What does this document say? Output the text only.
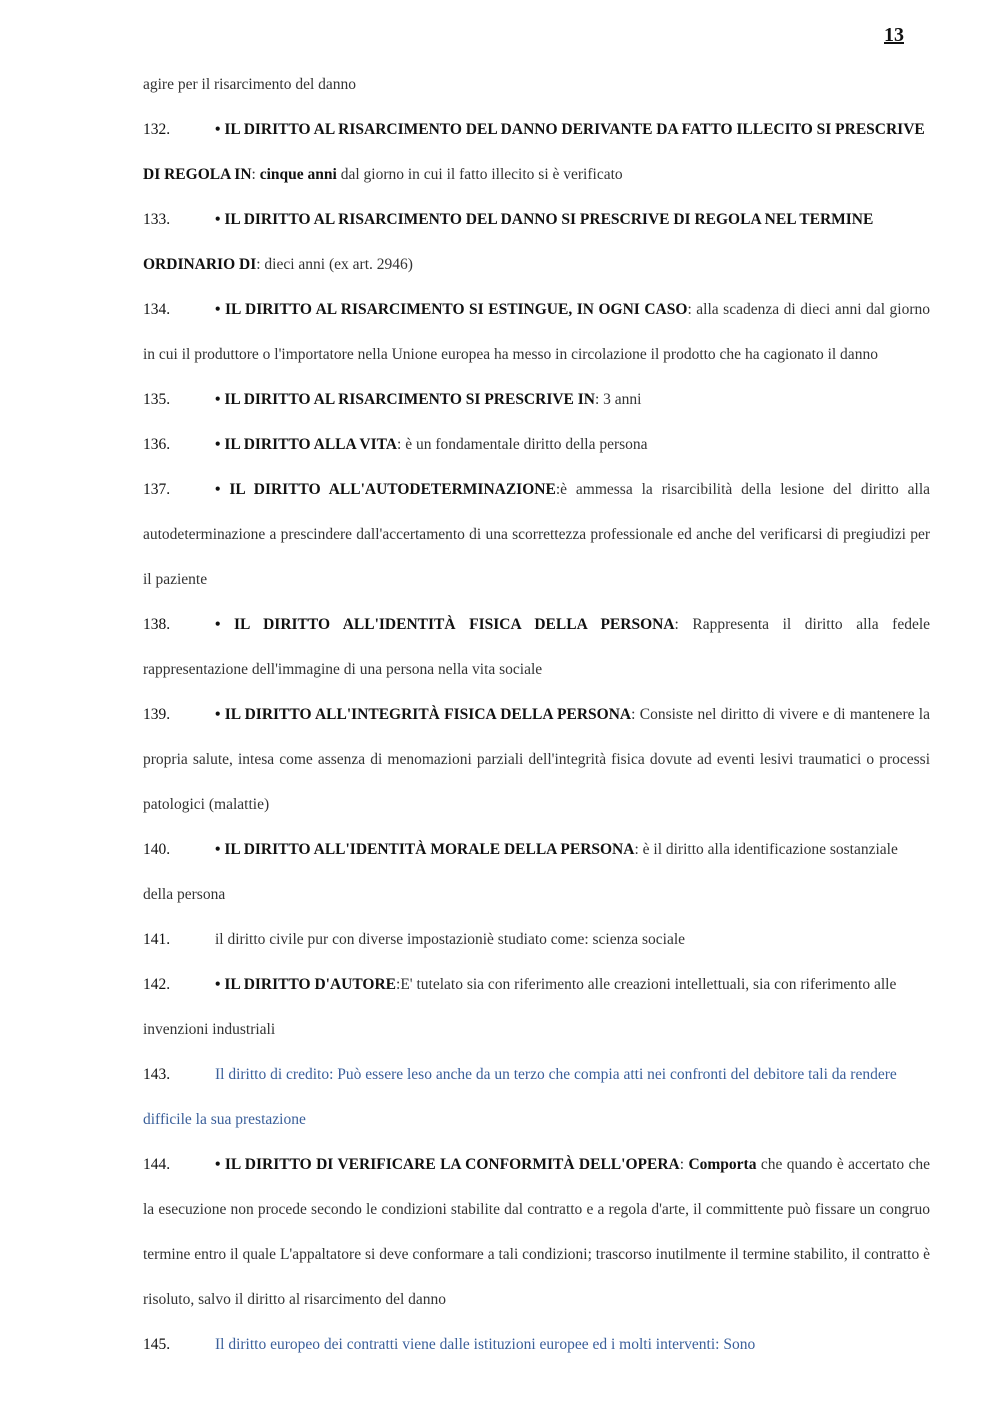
13
agire per il risarcimento del danno
132.	• IL DIRITTO AL RISARCIMENTO DEL DANNO DERIVANTE DA FATTO ILLECITO SI PRESCRIVE DI REGOLA IN: cinque anni dal giorno in cui il fatto illecito si è verificato
133.	• IL DIRITTO AL RISARCIMENTO DEL DANNO SI PRESCRIVE DI REGOLA NEL TERMINE ORDINARIO DI: dieci anni (ex art. 2946)
134.	• IL DIRITTO AL RISARCIMENTO SI ESTINGUE, IN OGNI CASO: alla scadenza di dieci anni dal giorno in cui il produttore o l'importatore nella Unione europea ha messo in circolazione il prodotto che ha cagionato il danno
135.	• IL DIRITTO AL RISARCIMENTO SI PRESCRIVE IN: 3 anni
136.	• IL DIRITTO ALLA VITA: è un fondamentale diritto della persona
137.	• IL DIRITTO ALL'AUTODETERMINAZIONE:è ammessa la risarcibilità della lesione del diritto alla autodeterminazione a prescindere dall'accertamento di una scorrettezza professionale ed anche del verificarsi di pregiudizi per il paziente
138.	• IL DIRITTO ALL'IDENTITÀ FISICA DELLA PERSONA: Rappresenta il diritto alla fedele rappresentazione dell'immagine di una persona nella vita sociale
139.	• IL DIRITTO ALL'INTEGRITÀ FISICA DELLA PERSONA: Consiste nel diritto di vivere e di mantenere la propria salute, intesa come assenza di menomazioni parziali dell'integrità fisica dovute ad eventi lesivi traumatici o processi patologici (malattie)
140.	• IL DIRITTO ALL'IDENTITÀ MORALE DELLA PERSONA: è il diritto alla identificazione sostanziale della persona
141.	il diritto civile pur con diverse impostazioniè studiato come: scienza sociale
142.	• IL DIRITTO D'AUTORE:E' tutelato sia con riferimento alle creazioni intellettuali, sia con riferimento alle invenzioni industriali
143.	Il diritto di credito: Può essere leso anche da un terzo che compia atti nei confronti del debitore tali da rendere difficile la sua prestazione
144.	• IL DIRITTO DI VERIFICARE LA CONFORMITÀ DELL'OPERA: Comporta che quando è accertato che la esecuzione non procede secondo le condizioni stabilite dal contratto e a regola d'arte, il committente può fissare un congruo termine entro il quale L'appaltatore si deve conformare a tali condizioni; trascorso inutilmente il termine stabilito, il contratto è risoluto, salvo il diritto al risarcimento del danno
145.	Il diritto europeo dei contratti viene dalle istituzioni europee ed i molti interventi: Sono
